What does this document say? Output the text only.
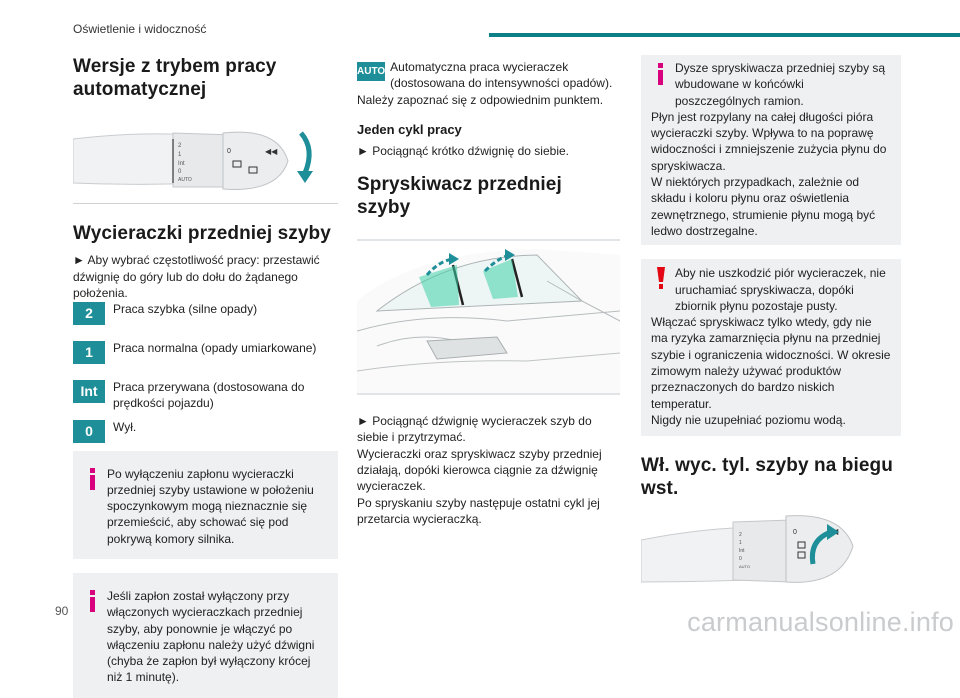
Oświetlenie i widoczność
Wersje z trybem pracy automatycznej
2
1
Int
0
AUTO
0	◀◀
Wycieraczki przedniej szyby

► Aby wybrać częstotliwość pracy: przestawić dźwignię do góry lub do dołu do żądanego położenia.

2	Praca szybka (silne opady)
1	Praca normalna (opady umiarkowane)
Int	Praca przerywana (dostosowana do prędkości pojazdu)
0	Wył.

Po wyłączeniu zapłonu wycieraczki przedniej szyby ustawione w położeniu spoczynkowym mogą nieznacznie się przemieścić, aby schować się pod pokrywą komory silnika.

Jeśli zapłon został wyłączony przy włączonych wycieraczkach przedniej szyby, aby ponownie je włączyć po włączeniu zapłonu należy użyć dźwigni (chyba że zapłon był wyłączony krócej niż 1 minutę).

AUTO Automatyczna praca wycieraczek (dostosowana do intensywności opadów).

Należy zapoznać się z odpowiednim punktem.

Jeden cykl pracy

► Pociągnąć krótko dźwignię do siebie.

Spryskiwacz przedniej szyby

► Pociągnąć dźwignię wycieraczek szyb do siebie i przytrzymać.

Wycieraczki oraz spryskiwacz szyby przedniej działają, dopóki kierowca ciągnie za dźwignię wycieraczek.

Po spryskaniu szyby następuje ostatni cykl jej przetarcia wycieraczką.

Dysze spryskiwacza przedniej szyby są wbudowane w końcówki poszczególnych ramion.

Płyn jest rozpylany na całej długości pióra wycieraczki szyby. Wpływa to na poprawę widoczności i zmniejszenie zużycia płynu do spryskiwacza.

W niektórych przypadkach, zależnie od składu i koloru płynu oraz oświetlenia zewnętrznego, strumienie płynu mogą być ledwo dostrzegalne.

Aby nie uszkodzić piór wycieraczek, nie uruchamiać spryskiwacza, dopóki zbiornik płynu pozostaje pusty.

Włączać spryskiwacz tylko wtedy, gdy nie ma ryzyka zamarznięcia płynu na przedniej szybie i ograniczenia widoczności. W okresie zimowym należy używać produktów przeznaczonych do bardzo niskich temperatur.

Nigdy nie uzupełniać poziomu wodą.

Wł. wyc. tyl. szyby na biegu wst.
2
1
Int
0
AUTO
0
90	carmanualsonline.info
